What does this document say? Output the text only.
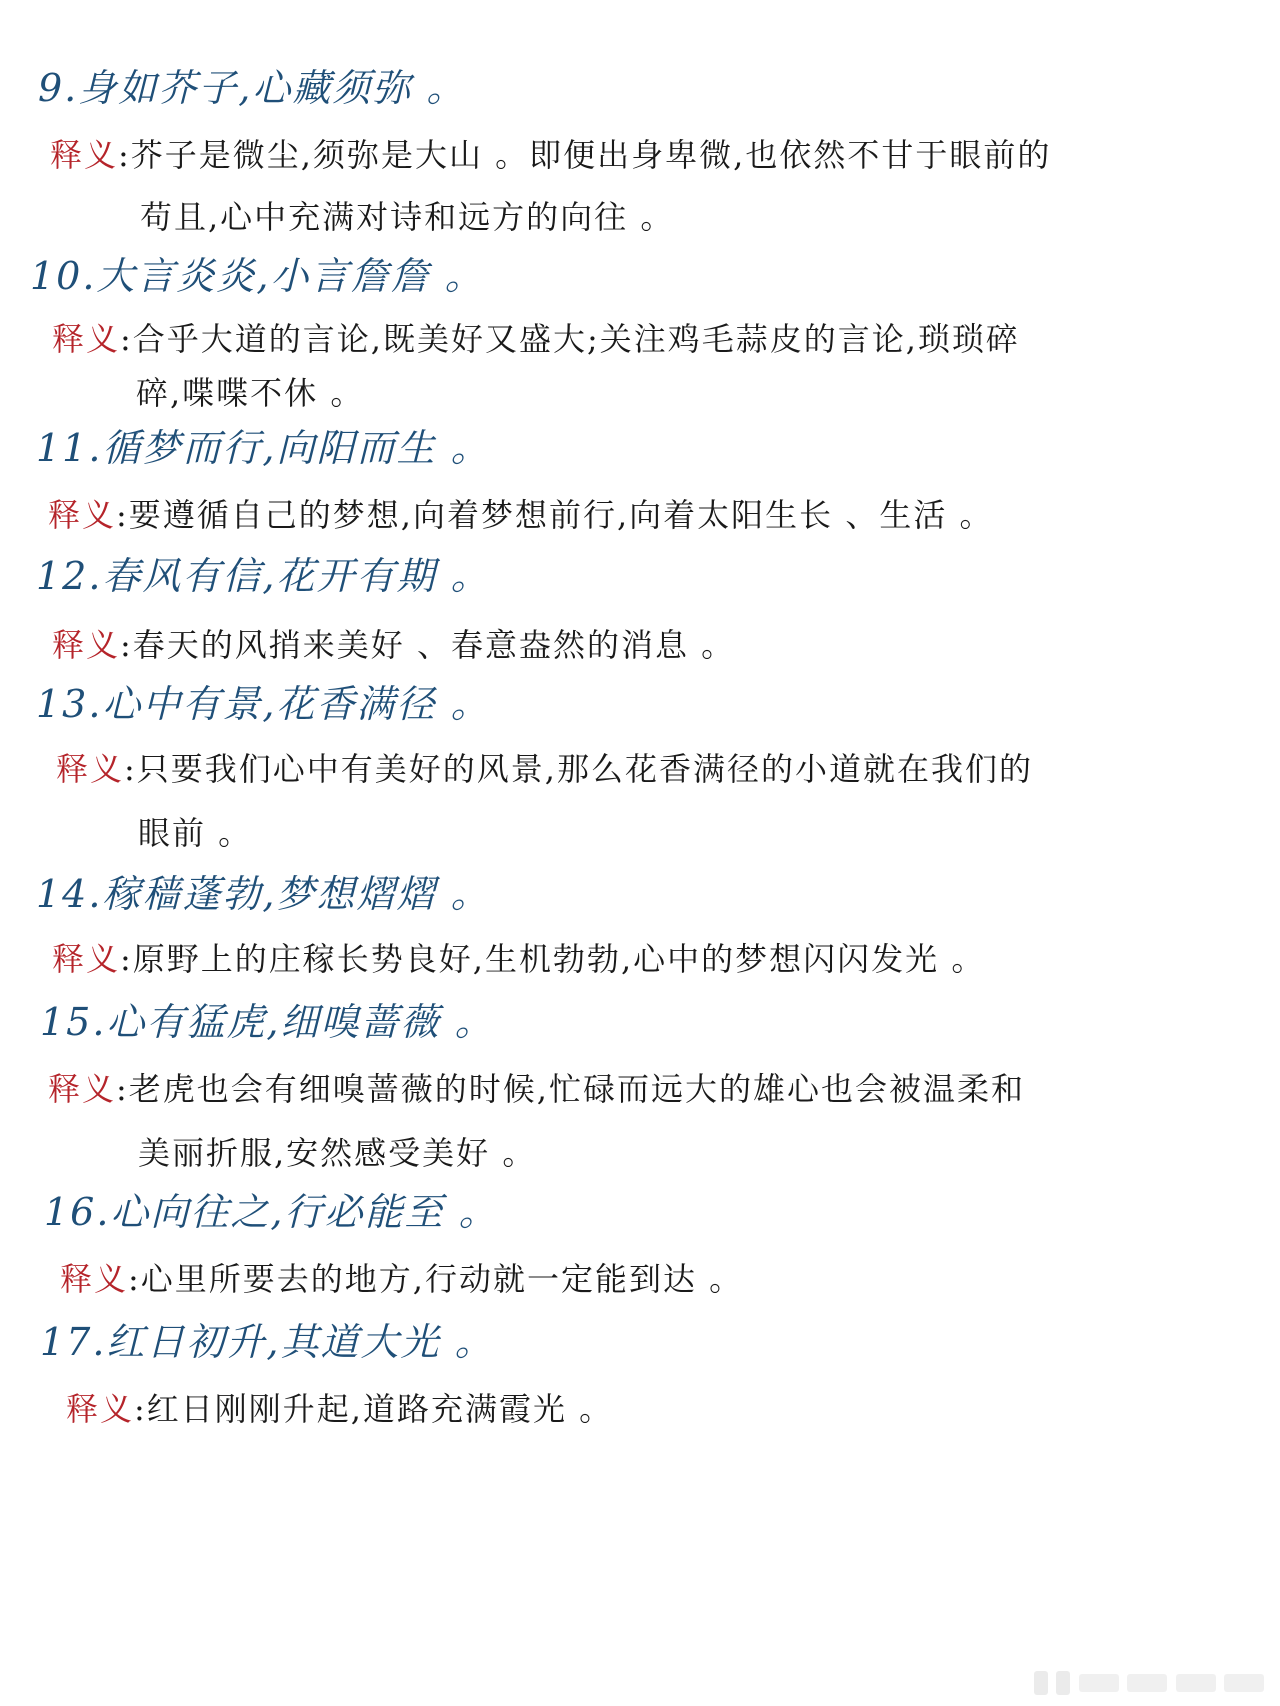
9.身如芥子,心藏须弥 。
释义:芥子是微尘,须弥是大山 。即便出身卑微,也依然不甘于眼前的
苟且,心中充满对诗和远方的向往 。
10.大言炎炎,小言詹詹 。
释义:合乎大道的言论,既美好又盛大;关注鸡毛蒜皮的言论,琐琐碎
碎,喋喋不休 。
11.循梦而行,向阳而生 。
释义:要遵循自己的梦想,向着梦想前行,向着太阳生长 、生活 。
12.春风有信,花开有期 。
释义:春天的风捎来美好 、春意盎然的消息 。
13.心中有景,花香满径 。
释义:只要我们心中有美好的风景,那么花香满径的小道就在我们的
眼前 。
14.稼穑蓬勃,梦想熠熠 。
释义:原野上的庄稼长势良好,生机勃勃,心中的梦想闪闪发光 。
15.心有猛虎,细嗅蔷薇 。
释义:老虎也会有细嗅蔷薇的时候,忙碌而远大的雄心也会被温柔和
美丽折服,安然感受美好 。
16.心向往之,行必能至 。
释义:心里所要去的地方,行动就一定能到达 。
17.红日初升,其道大光 。
释义:红日刚刚升起,道路充满霞光 。
